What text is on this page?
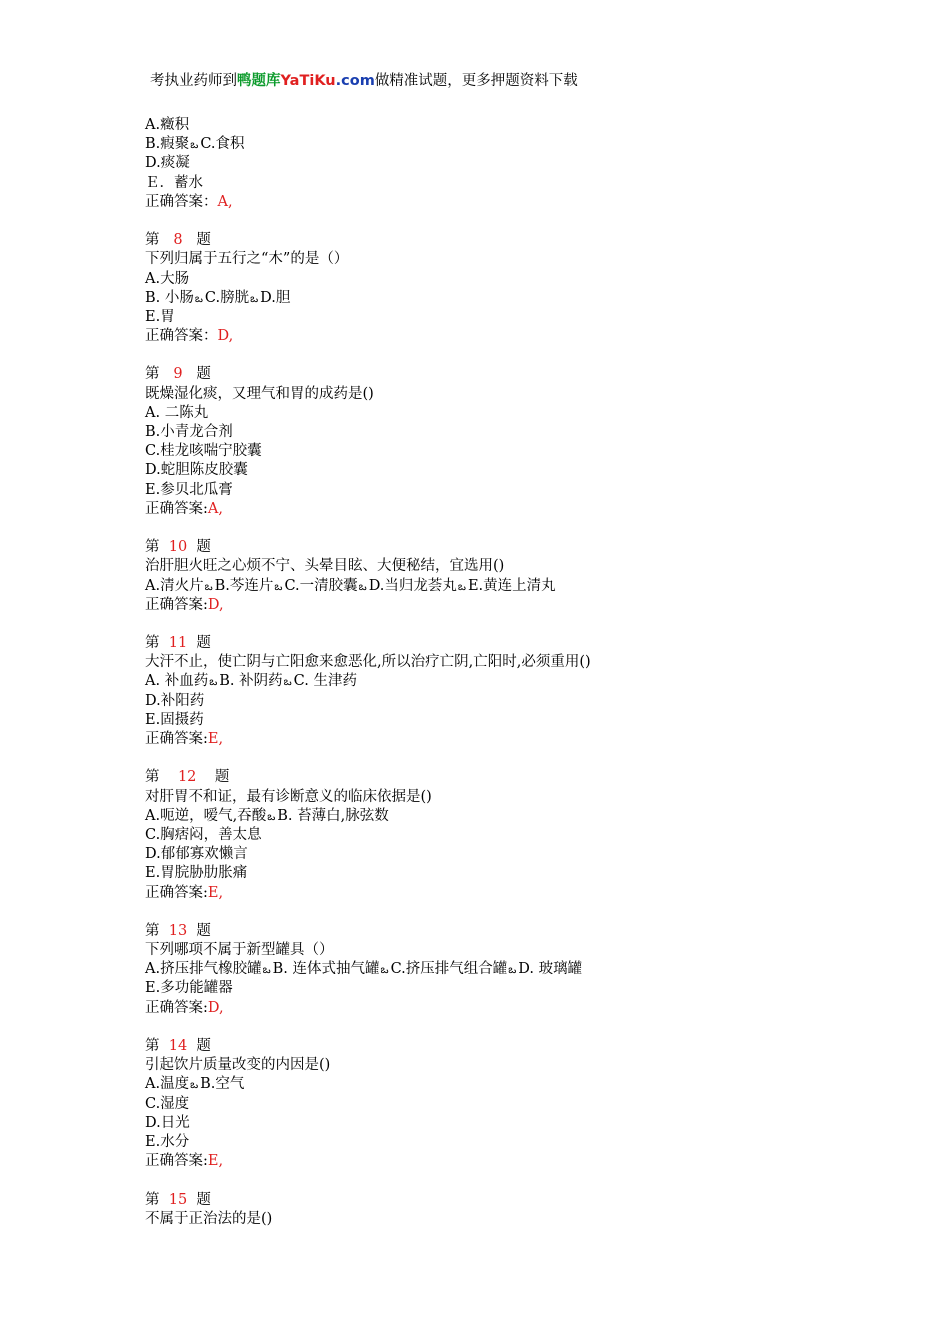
考执业药师到鸭题库YaTiKu.com做精准试题，更多押题资料下载
A.癥积
B.瘕聚ఒ C.食积
D.痰凝
Ｅ．蓄水
正确答案：A,
第 8 题
下列归属于五行之“木”的是（）
A.大肠
B. 小肠ఒ C.膀胱ఒ D.胆
E.胃
正确答案：D,
第 9 题
既燥湿化痰，又理气和胃的成药是()
A. 二陈丸
B.小青龙合剂
C.桂龙咳喘宁胶囊
D.蛇胆陈皮胶囊
E.参贝北瓜膏
正确答案:A,
第 10 题
治肝胆火旺之心烦不宁、头晕目眩、大便秘结，宜选用()
A.清火片ఒ B.芩连片ఒ C.一清胶囊ఒ D.当归龙荟丸ఒ E.黄连上清丸
正确答案:D,
第 11 题
大汗不止，使亡阴与亡阳愈来愈恶化,所以治疗亡阴,亡阳时,必须重用()
A. 补血药ఒ B. 补阴药ఒ C. 生津药
D.补阳药
E.固摄药
正确答案:E,
第 12 题
对肝胃不和证，最有诊断意义的临床依据是()
A.呃逆，嗳气,吞酸ఒ B. 苔薄白,脉弦数
C.胸痞闷，善太息
D.郁郁寡欢懒言
E.胃脘胁肋胀痛
正确答案:E,
第 13 题
下列哪项不属于新型罐具（）
A.挤压排气橡胶罐ఒ B. 连体式抽气罐ఒ C.挤压排气组合罐ఒ D. 玻璃罐
E.多功能罐器
正确答案:D,
第 14 题
引起饮片质量改变的内因是()
A.温度ఒ B.空气
C.湿度
D.日光
E.水分
正确答案:E,
第 15 题
不属于正治法的是()
